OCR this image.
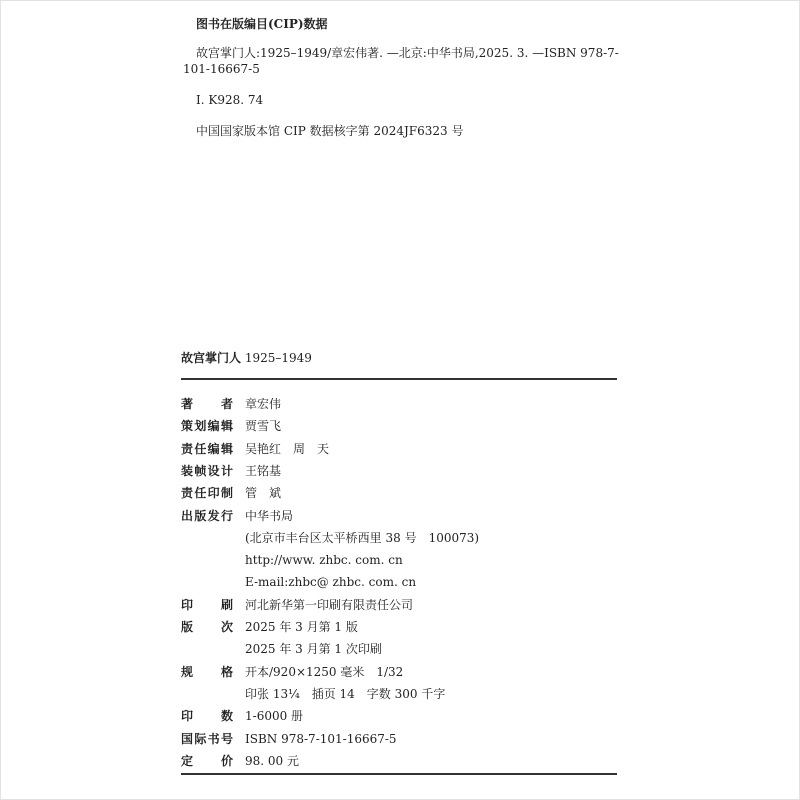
图书在版编目(CIP)数据
故宫掌门人:1925–1949/章宏伟著. —北京:中华书局,2025. 3. —ISBN 978-7-101-16667-5
Ⅰ. K928. 74
中国国家版本馆 CIP 数据核字第 2024JF6323 号
故宫掌门人 1925–1949
著　者 章宏伟
策划编辑 贾雪飞
责任编辑 吴艳红　周　天
装帧设计 王铭基
责任印制 管　斌
出版发行 中华书局
(北京市丰台区太平桥西里 38 号　100073)
http://www. zhbc. com. cn
E-mail:zhbc@ zhbc. com. cn
印　刷 河北新华第一印刷有限责任公司
版　次 2025 年 3 月第 1 版
2025 年 3 月第 1 次印刷
规　格 开本/920×1250 毫米　1/32
印张 13¼　插页 14　字数 300 千字
印　数 1-6000 册
国际书号 ISBN 978-7-101-16667-5
定　价 98. 00 元
